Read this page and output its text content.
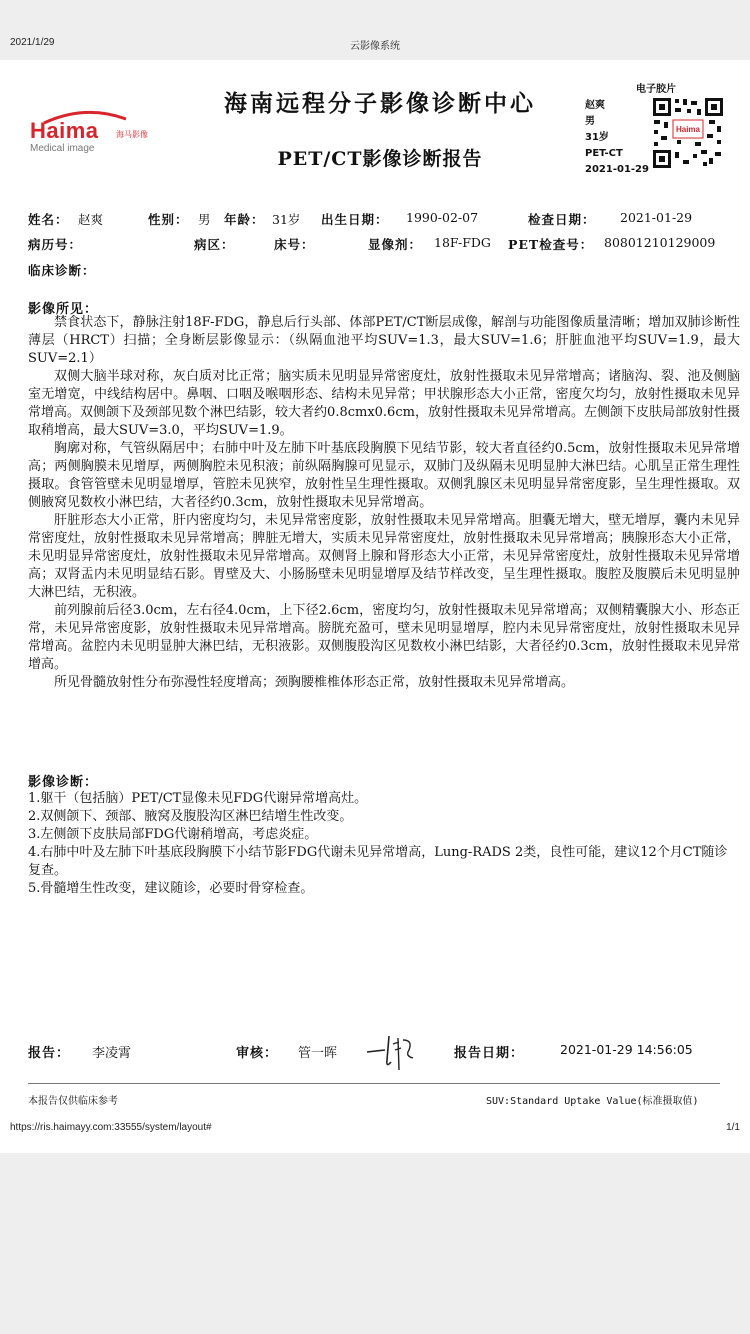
2021/1/29	云影像系统
Haima 海马影像
Medical image
海南远程分子影像诊断中心
PET/CT影像诊断报告
电子胶片
赵爽
男
31岁
PET-CT
2021-01-29
Haima
姓名： 赵爽	性别： 男 年龄： 31岁 出生日期： 1990-02-07	检查日期： 2021-01-29
病历号：	病区：	床号：	显像剂： 18F-FDG PET检查号： 80801210129009
临床诊断：
影像所见：

禁食状态下，静脉注射18F-FDG，静息后行头部、体部PET/CT断层成像，解剖与功能图像质量清晰；增加双肺诊断性薄层（HRCT）扫描；全身断层影像显示：（纵隔血池平均SUV=1.3，最大SUV=1.6；肝脏血池平均SUV=1.9，最大SUV=2.1）

双侧大脑半球对称，灰白质对比正常；脑实质未见明显异常密度灶，放射性摄取未见异常增高；诸脑沟、裂、池及侧脑室无增宽，中线结构居中。鼻咽、口咽及喉咽形态、结构未见异常；甲状腺形态大小正常，密度欠均匀，放射性摄取未见异常增高。双侧颌下及颈部见数个淋巴结影，较大者约0.8cmx0.6cm，放射性摄取未见异常增高。左侧颌下皮肤局部放射性摄取稍增高，最大SUV=3.0，平均SUV=1.9。

胸廓对称，气管纵隔居中；右肺中叶及左肺下叶基底段胸膜下见结节影，较大者直径约0.5cm，放射性摄取未见异常增高；两侧胸膜未见增厚，两侧胸腔未见积液；前纵隔胸腺可见显示，双肺门及纵隔未见明显肿大淋巴结。心肌呈正常生理性摄取。食管管壁未见明显增厚，管腔未见狭窄，放射性呈生理性摄取。双侧乳腺区未见明显异常密度影，呈生理性摄取。双侧腋窝见数枚小淋巴结，大者径约0.3cm，放射性摄取未见异常增高。

肝脏形态大小正常，肝内密度均匀，未见异常密度影，放射性摄取未见异常增高。胆囊无增大，壁无增厚，囊内未见异常密度灶，放射性摄取未见异常增高；脾脏无增大，实质未见异常密度灶，放射性摄取未见异常增高；胰腺形态大小正常，未见明显异常密度灶，放射性摄取未见异常增高。双侧肾上腺和肾形态大小正常，未见异常密度灶，放射性摄取未见异常增高；双肾盂内未见明显结石影。胃壁及大、小肠肠壁未见明显增厚及结节样改变，呈生理性摄取。腹腔及腹膜后未见明显肿大淋巴结，无积液。

前列腺前后径3.0cm，左右径4.0cm，上下径2.6cm，密度均匀，放射性摄取未见异常增高；双侧精囊腺大小、形态正常，未见异常密度影，放射性摄取未见异常增高。膀胱充盈可，壁未见明显增厚，腔内未见异常密度灶，放射性摄取未见异常增高。盆腔内未见明显肿大淋巴结，无积液影。双侧腹股沟区见数枚小淋巴结影，大者径约0.3cm，放射性摄取未见异常增高。

所见骨髓放射性分布弥漫性轻度增高；颈胸腰椎椎体形态正常，放射性摄取未见异常增高。

影像诊断：

1.躯干（包括脑）PET/CT显像未见FDG代谢异常增高灶。

2.双侧颌下、颈部、腋窝及腹股沟区淋巴结增生性改变。

3.左侧颌下皮肤局部FDG代谢稍增高，考虑炎症。

4.右肺中叶及左肺下叶基底段胸膜下小结节影FDG代谢未见异常增高，Lung-RADS 2类，良性可能，建议12个月CT随诊复查。

5.骨髓增生性改变，建议随诊，必要时骨穿检查。

报告： 李凌霄	审核： 管一晖	报告日期：	2021-01-29 14:56:05
本报告仅供临床参考	SUV:Standard Uptake Value(标准摄取值)
https://ris.haimayy.com:33555/system/layout#	1/1
